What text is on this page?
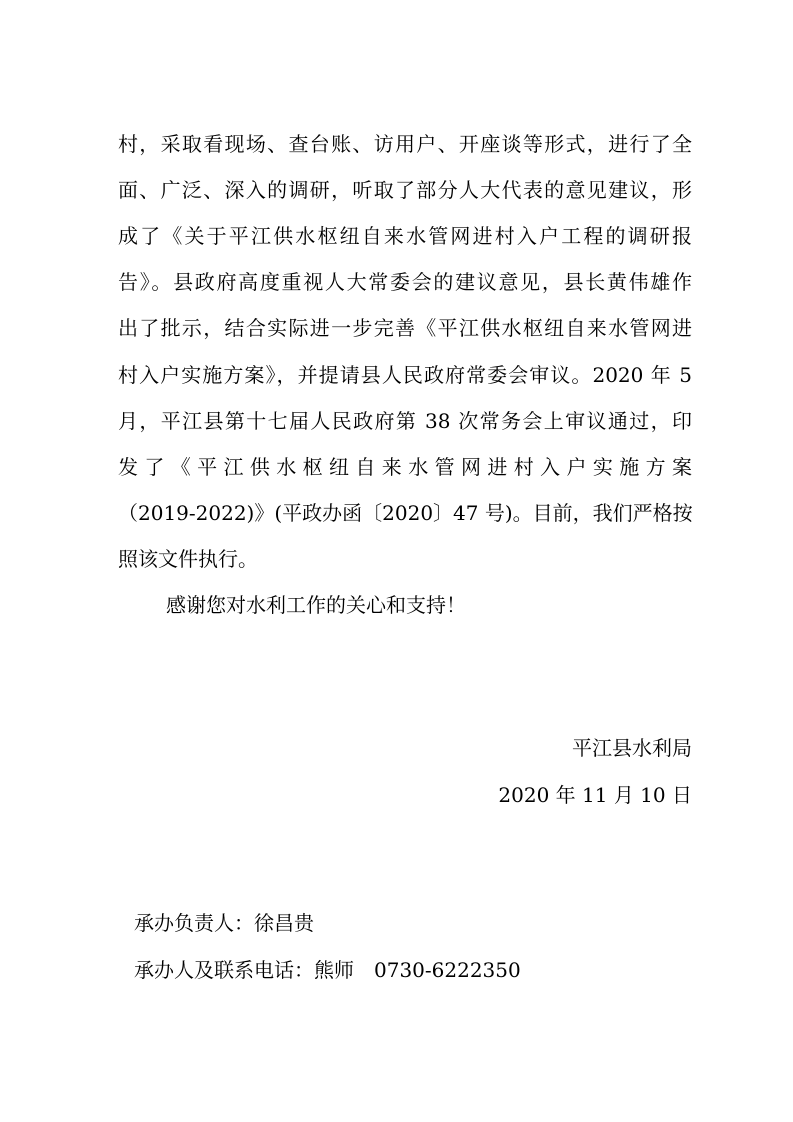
村，采取看现场、查台账、访用户、开座谈等形式，进行了全
面、广泛、深入的调研，听取了部分人大代表的意见建议，形
成了《关于平江供水枢纽自来水管网进村入户工程的调研报
告》。县政府高度重视人大常委会的建议意见，县长黄伟雄作
出了批示，结合实际进一步完善《平江供水枢纽自来水管网进
村入户实施方案》，并提请县人民政府常委会审议。2020 年 5
月，平江县第十七届人民政府第 38 次常务会上审议通过，印
发了《平江供水枢纽自来水管网进村入户实施方案
（2019-2022)》(平政办函〔2020〕47 号)。目前，我们严格按
照该文件执行。
感谢您对水利工作的关心和支持！
平江县水利局
2020 年 11 月 10 日
承办负责人：徐昌贵
承办人及联系电话：熊师　0730-6222350
